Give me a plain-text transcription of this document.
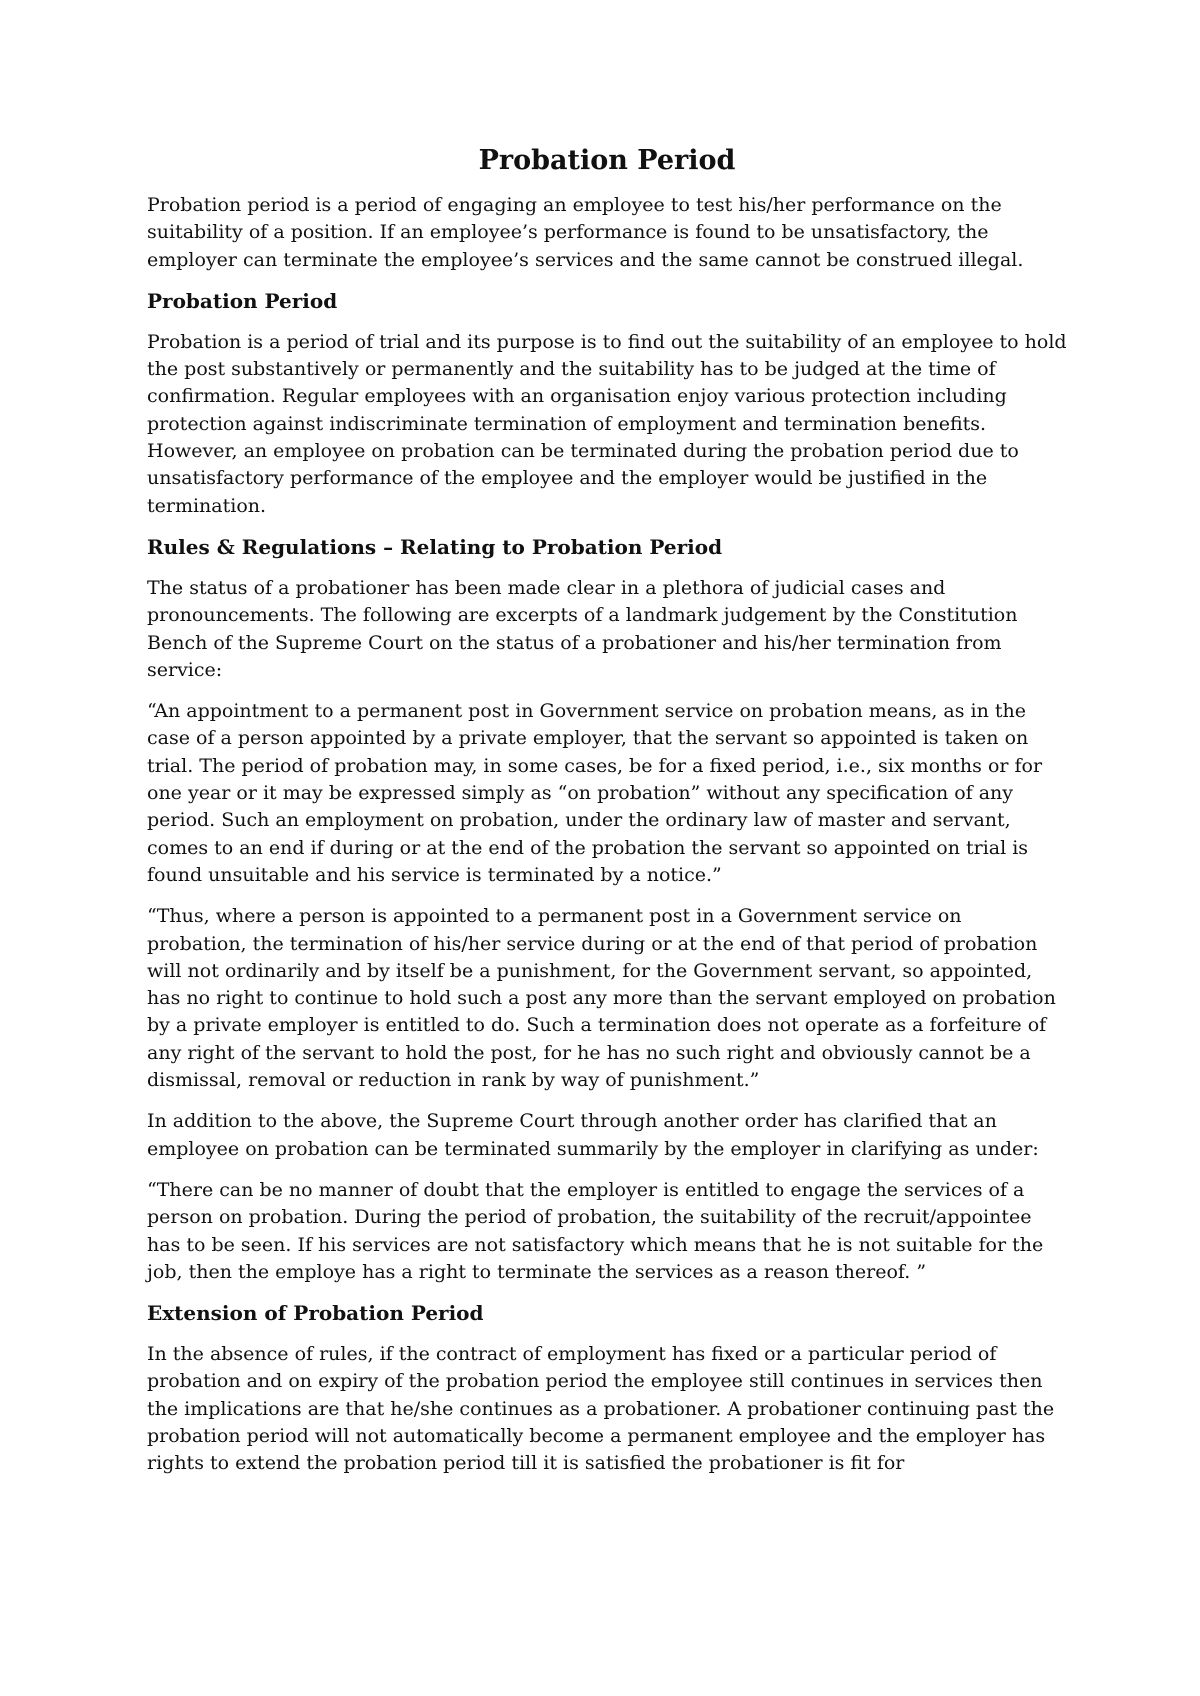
Probation Period

Probation period is a period of engaging an employee to test his/her performance on the suitability of a position. If an employee’s performance is found to be unsatisfactory, the employer can terminate the employee’s services and the same cannot be construed illegal.

Probation Period

Probation is a period of trial and its purpose is to find out the suitability of an employee to hold the post substantively or permanently and the suitability has to be judged at the time of confirmation. Regular employees with an organisation enjoy various protection including protection against indiscriminate termination of employment and termination benefits. However, an employee on probation can be terminated during the probation period due to unsatisfactory performance of the employee and the employer would be justified in the termination.

Rules & Regulations – Relating to Probation Period

The status of a probationer has been made clear in a plethora of judicial cases and pronouncements. The following are excerpts of a landmark judgement by the Constitution Bench of the Supreme Court on the status of a probationer and his/her termination from service:

“An appointment to a permanent post in Government service on probation means, as in the case of a person appointed by a private employer, that the servant so appointed is taken on trial. The period of probation may, in some cases, be for a fixed period, i.e., six months or for one year or it may be expressed simply as “on probation” without any specification of any period. Such an employment on probation, under the ordinary law of master and servant, comes to an end if during or at the end of the probation the servant so appointed on trial is found unsuitable and his service is terminated by a notice.”

“Thus, where a person is appointed to a permanent post in a Government service on probation, the termination of his/her service during or at the end of that period of probation will not ordinarily and by itself be a punishment, for the Government servant, so appointed, has no right to continue to hold such a post any more than the servant employed on probation by a private employer is entitled to do. Such a termination does not operate as a forfeiture of any right of the servant to hold the post, for he has no such right and obviously cannot be a dismissal, removal or reduction in rank by way of punishment.”

In addition to the above, the Supreme Court through another order has clarified that an employee on probation can be terminated summarily by the employer in clarifying as under:

“There can be no manner of doubt that the employer is entitled to engage the services of a person on probation. During the period of probation, the suitability of the recruit/appointee has to be seen. If his services are not satisfactory which means that he is not suitable for the job, then the employe has a right to terminate the services as a reason thereof. ”

Extension of Probation Period

In the absence of rules, if the contract of employment has fixed or a particular period of probation and on expiry of the probation period the employee still continues in services then the implications are that he/she continues as a probationer. A probationer continuing past the probation period will not automatically become a permanent employee and the employer has rights to extend the probation period till it is satisfied the probationer is fit for
